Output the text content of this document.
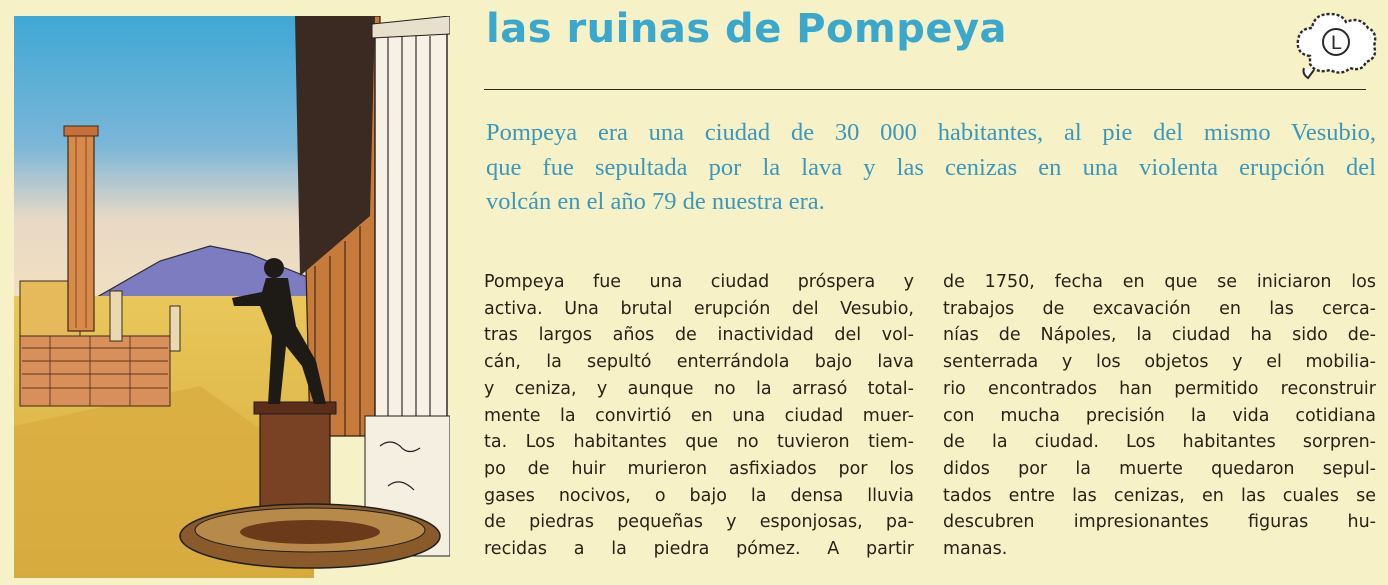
las ruinas de Pompeya	L

Pompeya era una ciudad de 30 000 habitantes, al pie del mismo Vesubio,
que fue sepultada por la lava y las cenizas en una violenta erupción del
volcán en el año 79 de nuestra era.

Pompeya fue una ciudad próspera y
activa. Una brutal erupción del Vesubio,
tras largos años de inactividad del vol-
cán, la sepultó enterrándola bajo lava
y ceniza, y aunque no la arrasó total-
mente la convirtió en una ciudad muer-
ta. Los habitantes que no tuvieron tiem-
po de huir murieron asfixiados por los
gases nocivos, o bajo la densa lluvia
de piedras pequeñas y esponjosas, pa-
recidas a la piedra pómez. A partir

de 1750, fecha en que se iniciaron los
trabajos de excavación en las cerca-
nías de Nápoles, la ciudad ha sido de-
senterrada y los objetos y el mobilia-
rio encontrados han permitido reconstruir
con mucha precisión la vida cotidiana
de la ciudad. Los habitantes sorpren-
didos por la muerte quedaron sepul-
tados entre las cenizas, en las cuales se
descubren impresionantes figuras hu-
manas.
